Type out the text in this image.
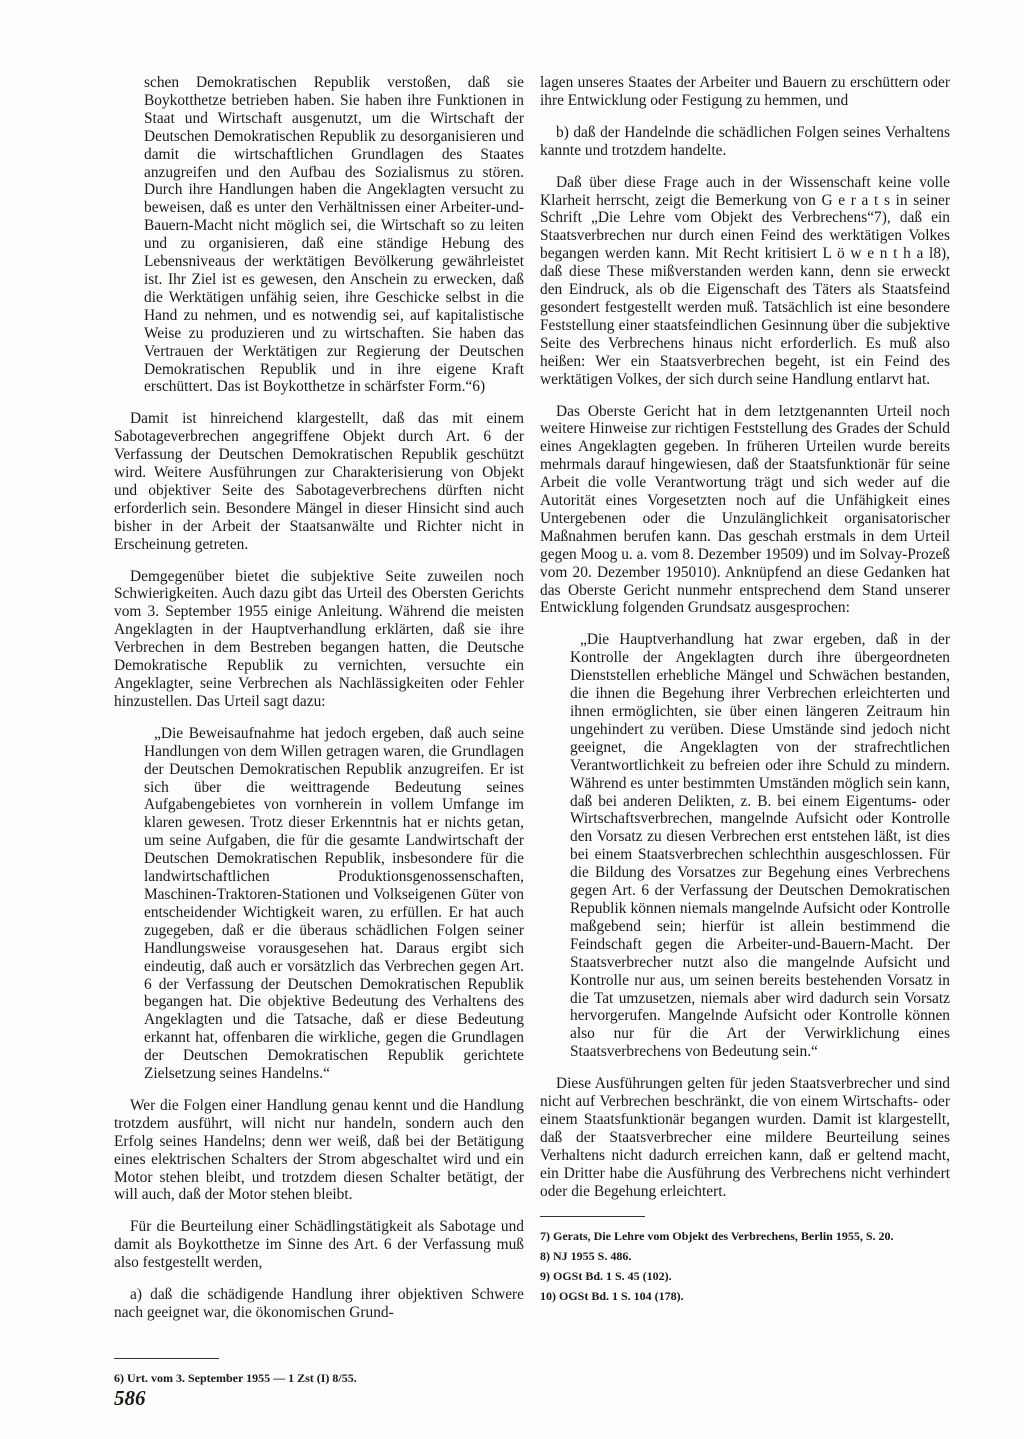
schen Demokratischen Republik verstoßen, daß sie Boykotthetze betrieben haben. Sie haben ihre Funktionen in Staat und Wirtschaft ausgenutzt, um die Wirtschaft der Deutschen Demokratischen Republik zu desorganisieren und damit die wirtschaftlichen Grundlagen des Staates anzugreifen und den Aufbau des Sozialismus zu stören. Durch ihre Handlungen haben die Angeklagten versucht zu beweisen, daß es unter den Verhältnissen einer Arbeiter-und-Bauern-Macht nicht möglich sei, die Wirtschaft so zu leiten und zu organisieren, daß eine ständige Hebung des Lebensniveaus der werktätigen Bevölkerung gewährleistet ist. Ihr Ziel ist es gewesen, den Anschein zu erwecken, daß die Werktätigen unfähig seien, ihre Geschicke selbst in die Hand zu nehmen, und es notwendig sei, auf kapitalistische Weise zu produzieren und zu wirtschaften. Sie haben das Vertrauen der Werktätigen zur Regierung der Deutschen Demokratischen Republik und in ihre eigene Kraft erschüttert. Das ist Boykotthetze in schärfster Form.“6)

Damit ist hinreichend klargestellt, daß das mit einem Sabotageverbrechen angegriffene Objekt durch Art. 6 der Verfassung der Deutschen Demokratischen Republik geschützt wird. Weitere Ausführungen zur Charakterisierung von Objekt und objektiver Seite des Sabotageverbrechens dürften nicht erforderlich sein. Besondere Mängel in dieser Hinsicht sind auch bisher in der Arbeit der Staatsanwälte und Richter nicht in Erscheinung getreten.

Demgegenüber bietet die subjektive Seite zuweilen noch Schwierigkeiten. Auch dazu gibt das Urteil des Obersten Gerichts vom 3. September 1955 einige Anleitung. Während die meisten Angeklagten in der Hauptverhandlung erklärten, daß sie ihre Verbrechen in dem Bestreben begangen hatten, die Deutsche Demokratische Republik zu vernichten, versuchte ein Angeklagter, seine Verbrechen als Nachlässigkeiten oder Fehler hinzustellen. Das Urteil sagt dazu:

„Die Beweisaufnahme hat jedoch ergeben, daß auch seine Handlungen von dem Willen getragen waren, die Grundlagen der Deutschen Demokratischen Republik anzugreifen. Er ist sich über die weittragende Bedeutung seines Aufgabengebietes von vornherein in vollem Umfange im klaren gewesen. Trotz dieser Erkenntnis hat er nichts getan, um seine Aufgaben, die für die gesamte Landwirtschaft der Deutschen Demokratischen Republik, insbesondere für die landwirtschaftlichen Produktionsgenossenschaften, Maschinen-Traktoren-Stationen und Volkseigenen Güter von entscheidender Wichtigkeit waren, zu erfüllen. Er hat auch zugegeben, daß er die überaus schädlichen Folgen seiner Handlungsweise vorausgesehen hat. Daraus ergibt sich eindeutig, daß auch er vorsätzlich das Verbrechen gegen Art. 6 der Verfassung der Deutschen Demokratischen Republik begangen hat. Die objektive Bedeutung des Verhaltens des Angeklagten und die Tatsache, daß er diese Bedeutung erkannt hat, offenbaren die wirkliche, gegen die Grundlagen der Deutschen Demokratischen Republik gerichtete Zielsetzung seines Handelns.“

Wer die Folgen einer Handlung genau kennt und die Handlung trotzdem ausführt, will nicht nur handeln, sondern auch den Erfolg seines Handelns; denn wer weiß, daß bei der Betätigung eines elektrischen Schalters der Strom abgeschaltet wird und ein Motor stehen bleibt, und trotzdem diesen Schalter betätigt, der will auch, daß der Motor stehen bleibt.

Für die Beurteilung einer Schädlingstätigkeit als Sabotage und damit als Boykotthetze im Sinne des Art. 6 der Verfassung muß also festgestellt werden,

a) daß die schädigende Handlung ihrer objektiven Schwere nach geeignet war, die ökonomischen Grund-

6) Urt. vom 3. September 1955 — 1 Zst (I) 8/55.

lagen unseres Staates der Arbeiter und Bauern zu erschüttern oder ihre Entwicklung oder Festigung zu hemmen, und

b) daß der Handelnde die schädlichen Folgen seines Verhaltens kannte und trotzdem handelte.

Daß über diese Frage auch in der Wissenschaft keine volle Klarheit herrscht, zeigt die Bemerkung von G e r a t s in seiner Schrift „Die Lehre vom Objekt des Verbrechens“7), daß ein Staatsverbrechen nur durch einen Feind des werktätigen Volkes begangen werden kann. Mit Recht kritisiert L ö w e n t h a l8), daß diese These mißverstanden werden kann, denn sie erweckt den Eindruck, als ob die Eigenschaft des Täters als Staatsfeind gesondert festgestellt werden muß. Tatsächlich ist eine besondere Feststellung einer staatsfeindlichen Gesinnung über die subjektive Seite des Verbrechens hinaus nicht erforderlich. Es muß also heißen: Wer ein Staatsverbrechen begeht, ist ein Feind des werktätigen Volkes, der sich durch seine Handlung entlarvt hat.

Das Oberste Gericht hat in dem letztgenannten Urteil noch weitere Hinweise zur richtigen Feststellung des Grades der Schuld eines Angeklagten gegeben. In früheren Urteilen wurde bereits mehrmals darauf hingewiesen, daß der Staatsfunktionär für seine Arbeit die volle Verantwortung trägt und sich weder auf die Autorität eines Vorgesetzten noch auf die Unfähigkeit eines Untergebenen oder die Unzulänglichkeit organisatorischer Maßnahmen berufen kann. Das geschah erstmals in dem Urteil gegen Moog u. a. vom 8. Dezember 19509) und im Solvay-Prozeß vom 20. Dezember 195010). Anknüpfend an diese Gedanken hat das Oberste Gericht nunmehr entsprechend dem Stand unserer Entwicklung folgenden Grundsatz ausgesprochen:

„Die Hauptverhandlung hat zwar ergeben, daß in der Kontrolle der Angeklagten durch ihre übergeordneten Dienststellen erhebliche Mängel und Schwächen bestanden, die ihnen die Begehung ihrer Verbrechen erleichterten und ihnen ermöglichten, sie über einen längeren Zeitraum hin ungehindert zu verüben. Diese Umstände sind jedoch nicht geeignet, die Angeklagten von der strafrechtlichen Verantwortlichkeit zu befreien oder ihre Schuld zu mindern. Während es unter bestimmten Umständen möglich sein kann, daß bei anderen Delikten, z. B. bei einem Eigentums- oder Wirtschaftsverbrechen, mangelnde Aufsicht oder Kontrolle den Vorsatz zu diesen Verbrechen erst entstehen läßt, ist dies bei einem Staatsverbrechen schlechthin ausgeschlossen. Für die Bildung des Vorsatzes zur Begehung eines Verbrechens gegen Art. 6 der Verfassung der Deutschen Demokratischen Republik können niemals mangelnde Aufsicht oder Kontrolle maßgebend sein; hierfür ist allein bestimmend die Feindschaft gegen die Arbeiter-und-Bauern-Macht. Der Staatsverbrecher nutzt also die mangelnde Aufsicht und Kontrolle nur aus, um seinen bereits bestehenden Vorsatz in die Tat umzusetzen, niemals aber wird dadurch sein Vorsatz hervorgerufen. Mangelnde Aufsicht oder Kontrolle können also nur für die Art der Verwirklichung eines Staatsverbrechens von Bedeutung sein.“

Diese Ausführungen gelten für jeden Staatsverbrecher und sind nicht auf Verbrechen beschränkt, die von einem Wirtschafts- oder einem Staatsfunktionär begangen wurden. Damit ist klargestellt, daß der Staatsverbrecher eine mildere Beurteilung seines Verhaltens nicht dadurch erreichen kann, daß er geltend macht, ein Dritter habe die Ausführung des Verbrechens nicht verhindert oder die Begehung erleichtert.

7) Gerats, Die Lehre vom Objekt des Verbrechens, Berlin 1955, S. 20.

8) NJ 1955 S. 486.

9) OGSt Bd. 1 S. 45 (102).

10) OGSt Bd. 1 S. 104 (178).

586
